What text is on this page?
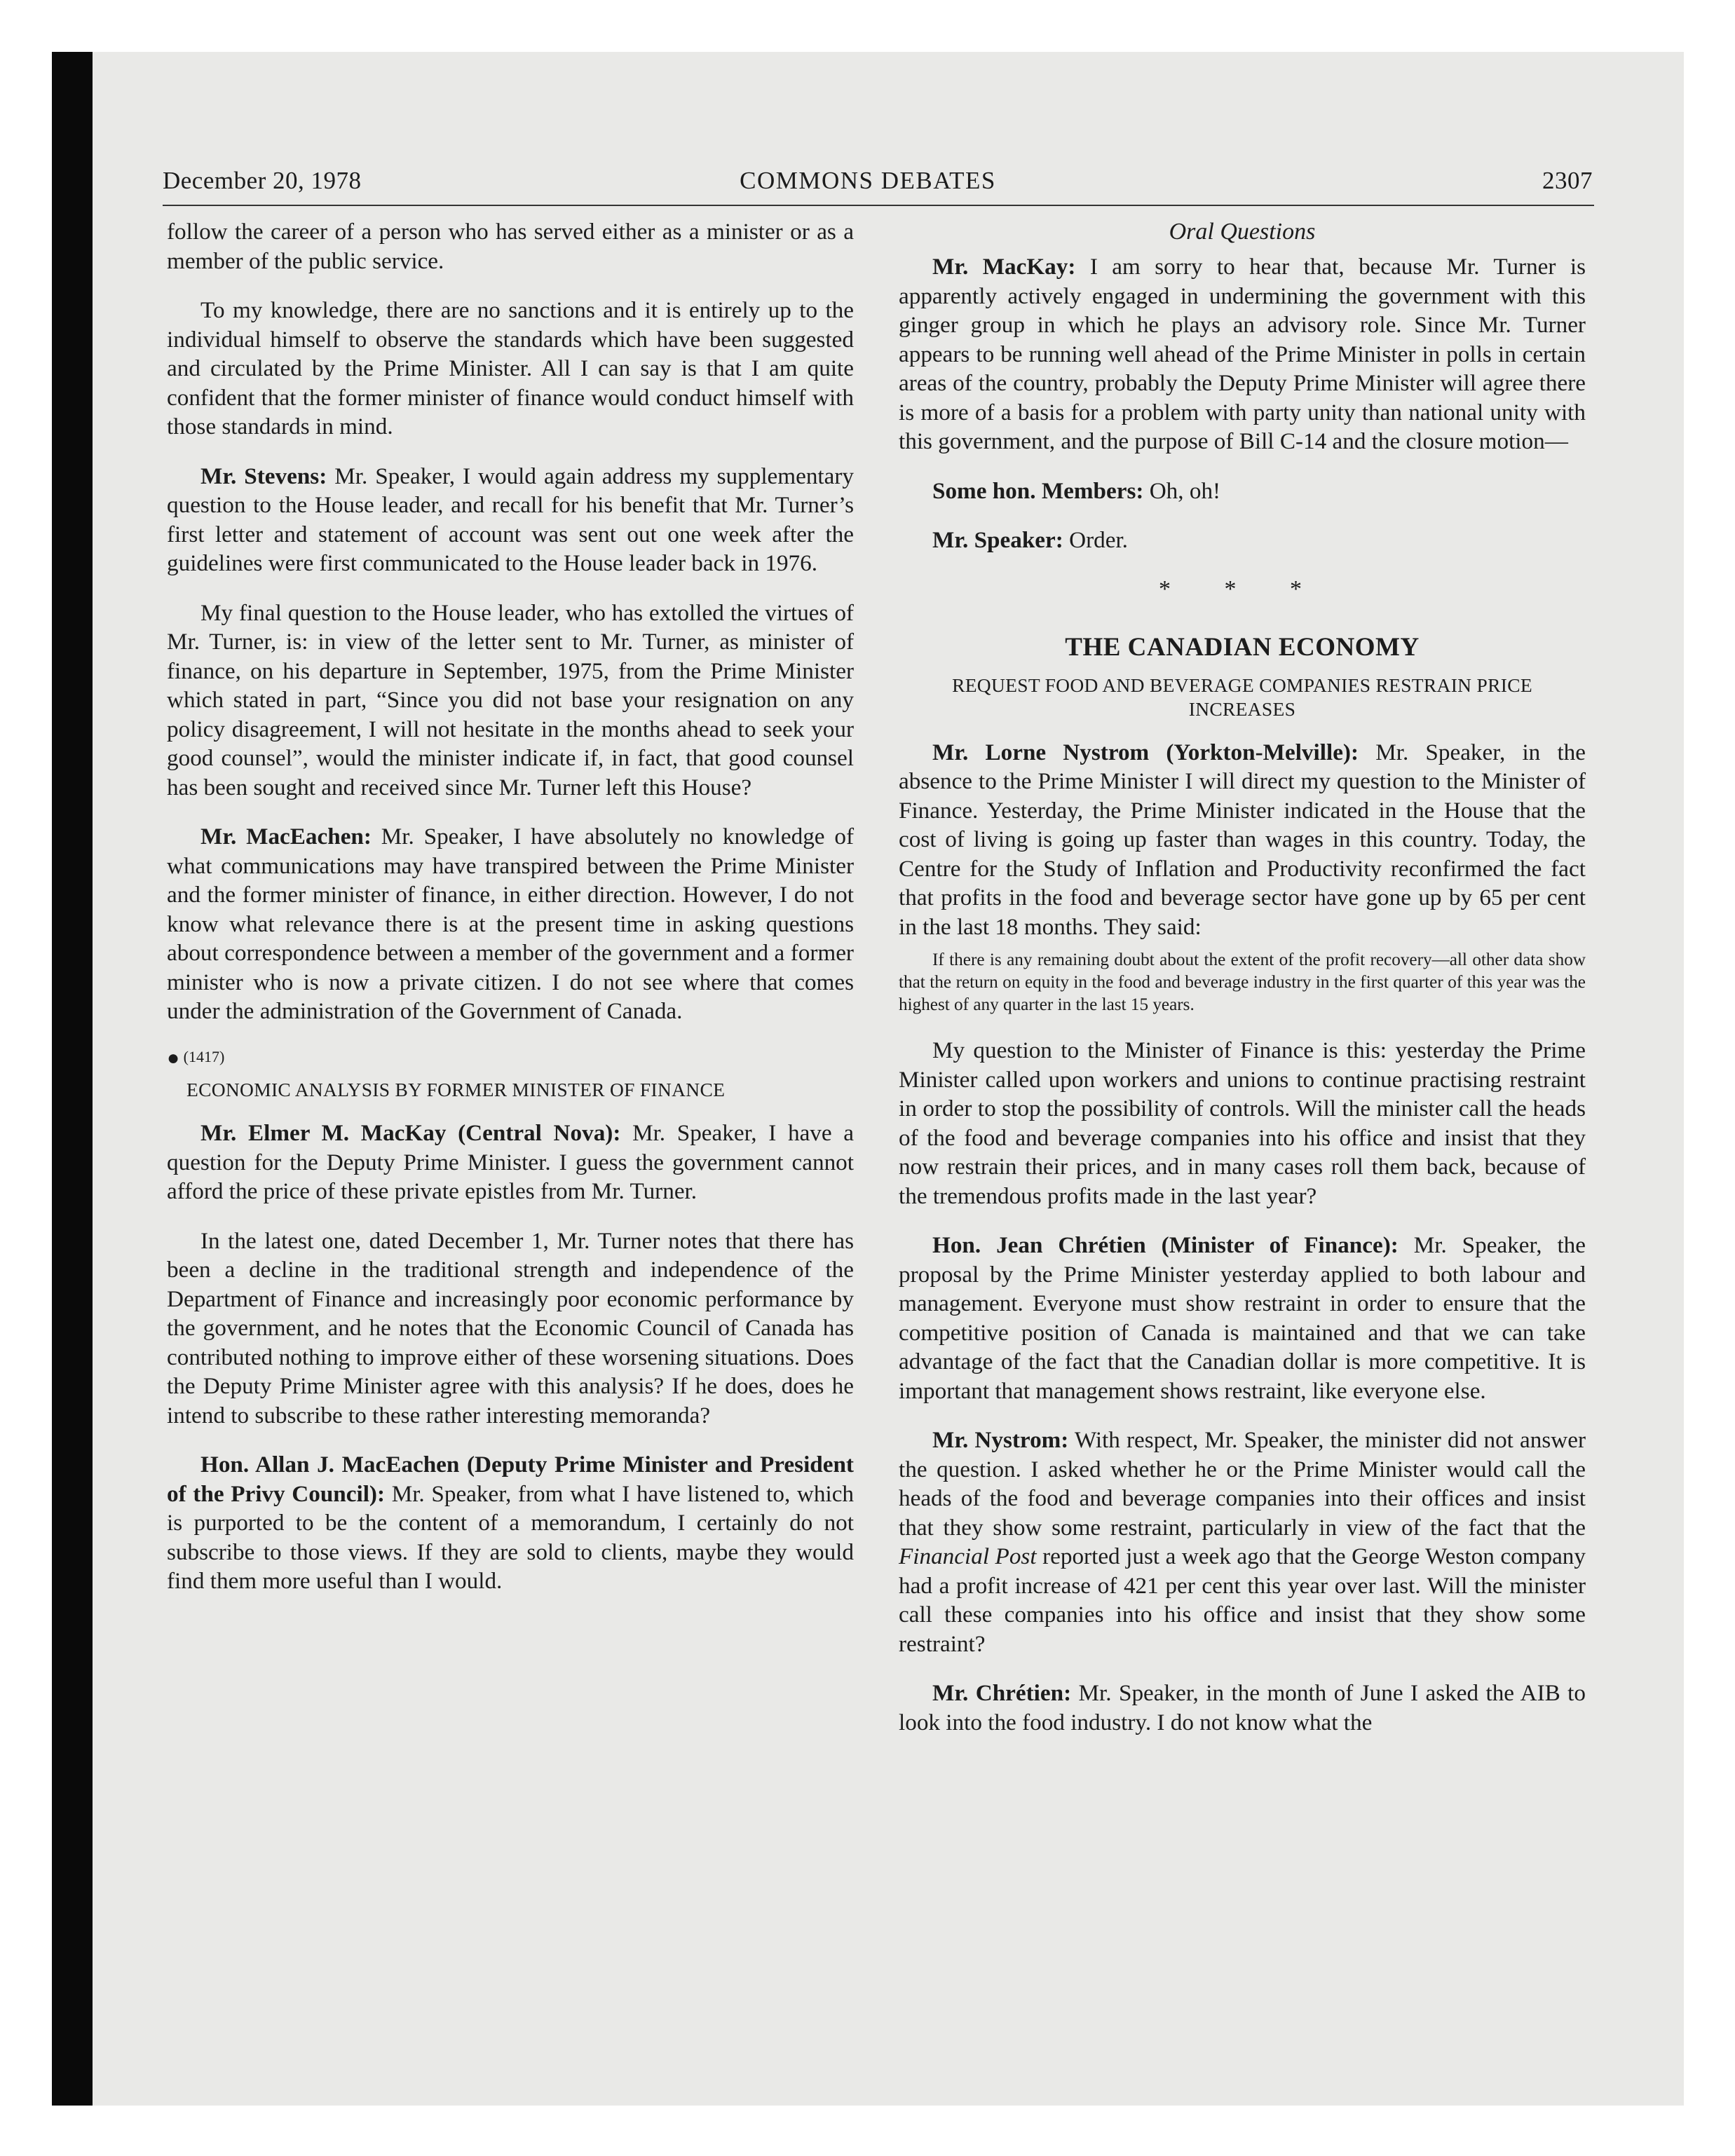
December 20, 1978	COMMONS DEBATES	2307

follow the career of a person who has served either as a minister or as a member of the public service.

To my knowledge, there are no sanctions and it is entirely up to the individual himself to observe the standards which have been suggested and circulated by the Prime Minister. All I can say is that I am quite confident that the former minister of finance would conduct himself with those standards in mind.

Mr. Stevens: Mr. Speaker, I would again address my supplementary question to the House leader, and recall for his benefit that Mr. Turner’s first letter and statement of account was sent out one week after the guidelines were first communicated to the House leader back in 1976.

My final question to the House leader, who has extolled the virtues of Mr. Turner, is: in view of the letter sent to Mr. Turner, as minister of finance, on his departure in September, 1975, from the Prime Minister which stated in part, “Since you did not base your resignation on any policy disagreement, I will not hesitate in the months ahead to seek your good counsel”, would the minister indicate if, in fact, that good counsel has been sought and received since Mr. Turner left this House?

Mr. MacEachen: Mr. Speaker, I have absolutely no knowledge of what communications may have transpired between the Prime Minister and the former minister of finance, in either direction. However, I do not know what relevance there is at the present time in asking questions about correspondence between a member of the government and a former minister who is now a private citizen. I do not see where that comes under the administration of the Government of Canada.

● (1417)
ECONOMIC ANALYSIS BY FORMER MINISTER OF FINANCE

Mr. Elmer M. MacKay (Central Nova): Mr. Speaker, I have a question for the Deputy Prime Minister. I guess the government cannot afford the price of these private epistles from Mr. Turner.

In the latest one, dated December 1, Mr. Turner notes that there has been a decline in the traditional strength and independence of the Department of Finance and increasingly poor economic performance by the government, and he notes that the Economic Council of Canada has contributed nothing to improve either of these worsening situations. Does the Deputy Prime Minister agree with this analysis? If he does, does he intend to subscribe to these rather interesting memoranda?

Hon. Allan J. MacEachen (Deputy Prime Minister and President of the Privy Council): Mr. Speaker, from what I have listened to, which is purported to be the content of a memorandum, I certainly do not subscribe to those views. If they are sold to clients, maybe they would find them more useful than I would.

Oral Questions

Mr. MacKay: I am sorry to hear that, because Mr. Turner is apparently actively engaged in undermining the government with this ginger group in which he plays an advisory role. Since Mr. Turner appears to be running well ahead of the Prime Minister in polls in certain areas of the country, probably the Deputy Prime Minister will agree there is more of a basis for a problem with party unity than national unity with this government, and the purpose of Bill C-14 and the closure motion—

Some hon. Members: Oh, oh!

Mr. Speaker: Order.

* * *
THE CANADIAN ECONOMY
REQUEST FOOD AND BEVERAGE COMPANIES RESTRAIN PRICE INCREASES

Mr. Lorne Nystrom (Yorkton-Melville): Mr. Speaker, in the absence to the Prime Minister I will direct my question to the Minister of Finance. Yesterday, the Prime Minister indicated in the House that the cost of living is going up faster than wages in this country. Today, the Centre for the Study of Inflation and Productivity reconfirmed the fact that profits in the food and beverage sector have gone up by 65 per cent in the last 18 months. They said:

If there is any remaining doubt about the extent of the profit recovery—all other data show that the return on equity in the food and beverage industry in the first quarter of this year was the highest of any quarter in the last 15 years.

My question to the Minister of Finance is this: yesterday the Prime Minister called upon workers and unions to continue practising restraint in order to stop the possibility of controls. Will the minister call the heads of the food and beverage companies into his office and insist that they now restrain their prices, and in many cases roll them back, because of the tremendous profits made in the last year?

Hon. Jean Chrétien (Minister of Finance): Mr. Speaker, the proposal by the Prime Minister yesterday applied to both labour and management. Everyone must show restraint in order to ensure that the competitive position of Canada is maintained and that we can take advantage of the fact that the Canadian dollar is more competitive. It is important that management shows restraint, like everyone else.

Mr. Nystrom: With respect, Mr. Speaker, the minister did not answer the question. I asked whether he or the Prime Minister would call the heads of the food and beverage companies into their offices and insist that they show some restraint, particularly in view of the fact that the Financial Post reported just a week ago that the George Weston company had a profit increase of 421 per cent this year over last. Will the minister call these companies into his office and insist that they show some restraint?

Mr. Chrétien: Mr. Speaker, in the month of June I asked the AIB to look into the food industry. I do not know what the
